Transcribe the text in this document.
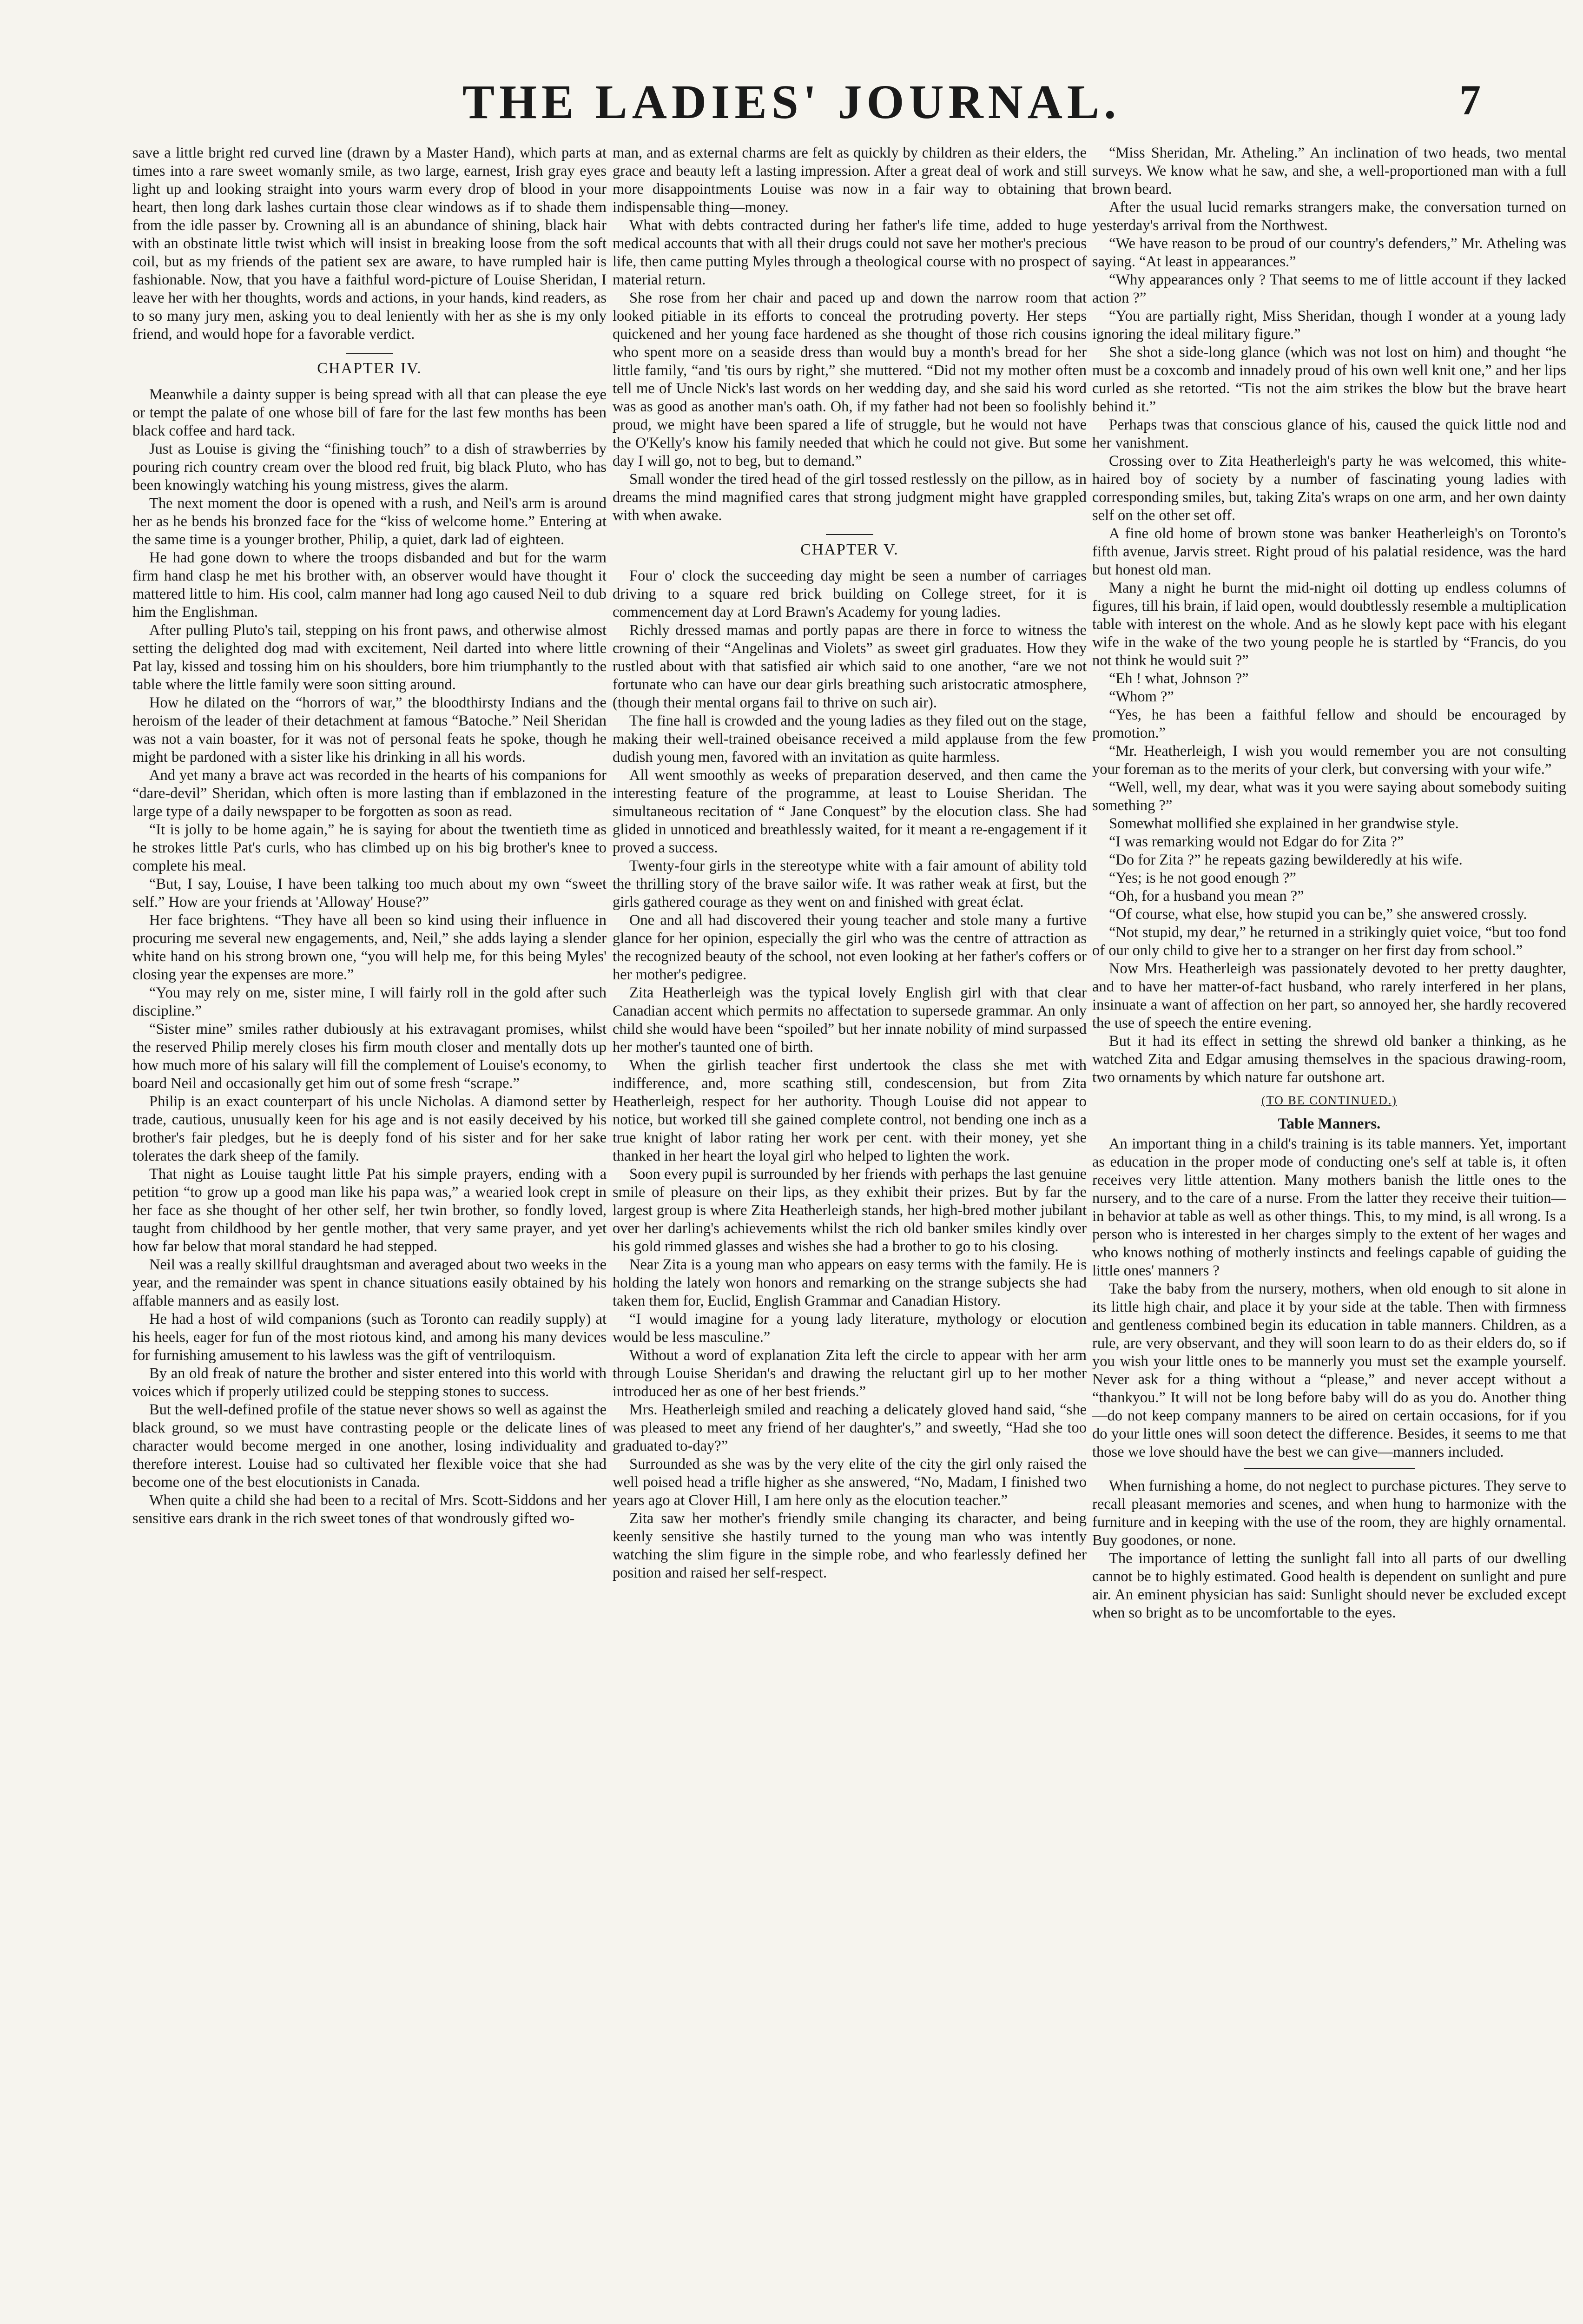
THE LADIES' JOURNAL.	7

save a little bright red curved line (drawn by a Master Hand), which parts at times into a rare sweet womanly smile, as two large, earnest, Irish gray eyes light up and looking straight into yours warm every drop of blood in your heart, then long dark lashes curtain those clear windows as if to shade them from the idle passer by. Crowning all is an abundance of shining, black hair with an obstinate little twist which will insist in breaking loose from the soft coil, but as my friends of the patient sex are aware, to have rumpled hair is fashionable. Now, that you have a faithful word-picture of Louise Sheridan, I leave her with her thoughts, words and actions, in your hands, kind readers, as to so many jury men, asking you to deal leniently with her as she is my only friend, and would hope for a favorable verdict.

CHAPTER IV.

Meanwhile a dainty supper is being spread with all that can please the eye or tempt the palate of one whose bill of fare for the last few months has been black coffee and hard tack.

Just as Louise is giving the “finishing touch” to a dish of strawberries by pouring rich country cream over the blood red fruit, big black Pluto, who has been knowingly watching his young mistress, gives the alarm.

The next moment the door is opened with a rush, and Neil's arm is around her as he bends his bronzed face for the “kiss of welcome home.” Entering at the same time is a younger brother, Philip, a quiet, dark lad of eighteen.

He had gone down to where the troops disbanded and but for the warm firm hand clasp he met his brother with, an observer would have thought it mattered little to him. His cool, calm manner had long ago caused Neil to dub him the Englishman.

After pulling Pluto's tail, stepping on his front paws, and otherwise almost setting the delighted dog mad with excitement, Neil darted into where little Pat lay, kissed and tossing him on his shoulders, bore him triumphantly to the table where the little family were soon sitting around.

How he dilated on the “horrors of war,” the bloodthirsty Indians and the heroism of the leader of their detachment at famous “Batoche.” Neil Sheridan was not a vain boaster, for it was not of personal feats he spoke, though he might be pardoned with a sister like his drinking in all his words.

And yet many a brave act was recorded in the hearts of his companions for “dare-devil” Sheridan, which often is more lasting than if emblazoned in the large type of a daily newspaper to be forgotten as soon as read.

“It is jolly to be home again,” he is saying for about the twentieth time as he strokes little Pat's curls, who has climbed up on his big brother's knee to complete his meal.

“But, I say, Louise, I have been talking too much about my own “sweet self.” How are your friends at 'Alloway' House?”

Her face brightens. “They have all been so kind using their influence in procuring me several new engagements, and, Neil,” she adds laying a slender white hand on his strong brown one, “you will help me, for this being Myles' closing year the expenses are more.”

“You may rely on me, sister mine, I will fairly roll in the gold after such discipline.”

“Sister mine” smiles rather dubiously at his extravagant promises, whilst the reserved Philip merely closes his firm mouth closer and mentally dots up how much more of his salary will fill the complement of Louise's economy, to board Neil and occasionally get him out of some fresh “scrape.”

Philip is an exact counterpart of his uncle Nicholas. A diamond setter by trade, cautious, unusually keen for his age and is not easily deceived by his brother's fair pledges, but he is deeply fond of his sister and for her sake tolerates the dark sheep of the family.

That night as Louise taught little Pat his simple prayers, ending with a petition “to grow up a good man like his papa was,” a wearied look crept in her face as she thought of her other self, her twin brother, so fondly loved, taught from childhood by her gentle mother, that very same prayer, and yet how far below that moral standard he had stepped.

Neil was a really skillful draughtsman and averaged about two weeks in the year, and the remainder was spent in chance situations easily obtained by his affable manners and as easily lost.

He had a host of wild companions (such as Toronto can readily supply) at his heels, eager for fun of the most riotous kind, and among his many devices for furnishing amusement to his lawless was the gift of ventriloquism.

By an old freak of nature the brother and sister entered into this world with voices which if properly utilized could be stepping stones to success.

But the well-defined profile of the statue never shows so well as against the black ground, so we must have contrasting people or the delicate lines of character would become merged in one another, losing individuality and therefore interest. Louise had so cultivated her flexible voice that she had become one of the best elocutionists in Canada.

When quite a child she had been to a recital of Mrs. Scott-Siddons and her sensitive ears drank in the rich sweet tones of that wondrously gifted wo-

man, and as external charms are felt as quickly by children as their elders, the grace and beauty left a lasting impression. After a great deal of work and still more disappointments Louise was now in a fair way to obtaining that indispensable thing—money.

What with debts contracted during her father's life time, added to huge medical accounts that with all their drugs could not save her mother's precious life, then came putting Myles through a theological course with no prospect of material return.

She rose from her chair and paced up and down the narrow room that looked pitiable in its efforts to conceal the protruding poverty. Her steps quickened and her young face hardened as she thought of those rich cousins who spent more on a seaside dress than would buy a month's bread for her little family, “and 'tis ours by right,” she muttered. “Did not my mother often tell me of Uncle Nick's last words on her wedding day, and she said his word was as good as another man's oath. Oh, if my father had not been so foolishly proud, we might have been spared a life of struggle, but he would not have the O'Kelly's know his family needed that which he could not give. But some day I will go, not to beg, but to demand.”

Small wonder the tired head of the girl tossed restlessly on the pillow, as in dreams the mind magnified cares that strong judgment might have grappled with when awake.

CHAPTER V.

Four o' clock the succeeding day might be seen a number of carriages driving to a square red brick building on College street, for it is commencement day at Lord Brawn's Academy for young ladies.

Richly dressed mamas and portly papas are there in force to witness the crowning of their “Angelinas and Violets” as sweet girl graduates. How they rustled about with that satisfied air which said to one another, “are we not fortunate who can have our dear girls breathing such aristocratic atmosphere, (though their mental organs fail to thrive on such air).

The fine hall is crowded and the young ladies as they filed out on the stage, making their well-trained obeisance received a mild applause from the few dudish young men, favored with an invitation as quite harmless.

All went smoothly as weeks of preparation deserved, and then came the interesting feature of the programme, at least to Louise Sheridan. The simultaneous recitation of “ Jane Conquest” by the elocution class. She had glided in unnoticed and breathlessly waited, for it meant a re-engagement if it proved a success.

Twenty-four girls in the stereotype white with a fair amount of ability told the thrilling story of the brave sailor wife. It was rather weak at first, but the girls gathered courage as they went on and finished with great éclat.

One and all had discovered their young teacher and stole many a furtive glance for her opinion, especially the girl who was the centre of attraction as the recognized beauty of the school, not even looking at her father's coffers or her mother's pedigree.

Zita Heatherleigh was the typical lovely English girl with that clear Canadian accent which permits no affectation to supersede grammar. An only child she would have been “spoiled” but her innate nobility of mind surpassed her mother's taunted one of birth.

When the girlish teacher first undertook the class she met with indifference, and, more scathing still, condescension, but from Zita Heatherleigh, respect for her authority. Though Louise did not appear to notice, but worked till she gained complete control, not bending one inch as a true knight of labor rating her work per cent. with their money, yet she thanked in her heart the loyal girl who helped to lighten the work.

Soon every pupil is surrounded by her friends with perhaps the last genuine smile of pleasure on their lips, as they exhibit their prizes. But by far the largest group is where Zita Heatherleigh stands, her high-bred mother jubilant over her darling's achievements whilst the rich old banker smiles kindly over his gold rimmed glasses and wishes she had a brother to go to his closing.

Near Zita is a young man who appears on easy terms with the family. He is holding the lately won honors and remarking on the strange subjects she had taken them for, Euclid, English Grammar and Canadian History.

“I would imagine for a young lady literature, mythology or elocution would be less masculine.”

Without a word of explanation Zita left the circle to appear with her arm through Louise Sheridan's and drawing the reluctant girl up to her mother introduced her as one of her best friends.”

Mrs. Heatherleigh smiled and reaching a delicately gloved hand said, “she was pleased to meet any friend of her daughter's,” and sweetly, “Had she too graduated to-day?”

Surrounded as she was by the very elite of the city the girl only raised the well poised head a trifle higher as she answered, “No, Madam, I finished two years ago at Clover Hill, I am here only as the elocution teacher.”

Zita saw her mother's friendly smile changing its character, and being keenly sensitive she hastily turned to the young man who was intently watching the slim figure in the simple robe, and who fearlessly defined her position and raised her self-respect.

“Miss Sheridan, Mr. Atheling.” An inclination of two heads, two mental surveys. We know what he saw, and she, a well-proportioned man with a full brown beard.

After the usual lucid remarks strangers make, the conversation turned on yesterday's arrival from the Northwest.

“We have reason to be proud of our country's defenders,” Mr. Atheling was saying. “At least in appearances.”

“Why appearances only ? That seems to me of little account if they lacked action ?”

“You are partially right, Miss Sheridan, though I wonder at a young lady ignoring the ideal military figure.”

She shot a side-long glance (which was not lost on him) and thought “he must be a coxcomb and innadely proud of his own well knit one,” and her lips curled as she retorted. “Tis not the aim strikes the blow but the brave heart behind it.”

Perhaps twas that conscious glance of his, caused the quick little nod and her vanishment.

Crossing over to Zita Heatherleigh's party he was welcomed, this white-haired boy of society by a number of fascinating young ladies with corresponding smiles, but, taking Zita's wraps on one arm, and her own dainty self on the other set off.

A fine old home of brown stone was banker Heatherleigh's on Toronto's fifth avenue, Jarvis street. Right proud of his palatial residence, was the hard but honest old man.

Many a night he burnt the mid-night oil dotting up endless columns of figures, till his brain, if laid open, would doubtlessly resemble a multiplication table with interest on the whole. And as he slowly kept pace with his elegant wife in the wake of the two young people he is startled by “Francis, do you not think he would suit ?”

“Eh ! what, Johnson ?”

“Whom ?”

“Yes, he has been a faithful fellow and should be encouraged by promotion.”

“Mr. Heatherleigh, I wish you would remember you are not consulting your foreman as to the merits of your clerk, but conversing with your wife.”

“Well, well, my dear, what was it you were saying about somebody suiting something ?”

Somewhat mollified she explained in her grandwise style.

“I was remarking would not Edgar do for Zita ?”

“Do for Zita ?” he repeats gazing bewilderedly at his wife.

“Yes; is he not good enough ?”

“Oh, for a husband you mean ?”

“Of course, what else, how stupid you can be,” she answered crossly.

“Not stupid, my dear,” he returned in a strikingly quiet voice, “but too fond of our only child to give her to a stranger on her first day from school.”

Now Mrs. Heatherleigh was passionately devoted to her pretty daughter, and to have her matter-of-fact husband, who rarely interfered in her plans, insinuate a want of affection on her part, so annoyed her, she hardly recovered the use of speech the entire evening.

But it had its effect in setting the shrewd old banker a thinking, as he watched Zita and Edgar amusing themselves in the spacious drawing-room, two ornaments by which nature far outshone art.

(TO BE CONTINUED.)
Table Manners.

An important thing in a child's training is its table manners. Yet, important as education in the proper mode of conducting one's self at table is, it often receives very little attention. Many mothers banish the little ones to the nursery, and to the care of a nurse. From the latter they receive their tuition—in behavior at table as well as other things. This, to my mind, is all wrong. Is a person who is interested in her charges simply to the extent of her wages and who knows nothing of motherly instincts and feelings capable of guiding the little ones' manners ?

Take the baby from the nursery, mothers, when old enough to sit alone in its little high chair, and place it by your side at the table. Then with firmness and gentleness combined begin its education in table manners. Children, as a rule, are very observant, and they will soon learn to do as their elders do, so if you wish your little ones to be mannerly you must set the example yourself. Never ask for a thing without a “please,” and never accept without a “thankyou.” It will not be long before baby will do as you do. Another thing—do not keep company manners to be aired on certain occasions, for if you do your little ones will soon detect the difference. Besides, it seems to me that those we love should have the best we can give—manners included.

When furnishing a home, do not neglect to purchase pictures. They serve to recall pleasant memories and scenes, and when hung to harmonize with the furniture and in keeping with the use of the room, they are highly ornamental. Buy goodones, or none.

The importance of letting the sunlight fall into all parts of our dwelling cannot be to highly estimated. Good health is dependent on sunlight and pure air. An eminent physician has said: Sunlight should never be excluded except when so bright as to be uncomfortable to the eyes.
